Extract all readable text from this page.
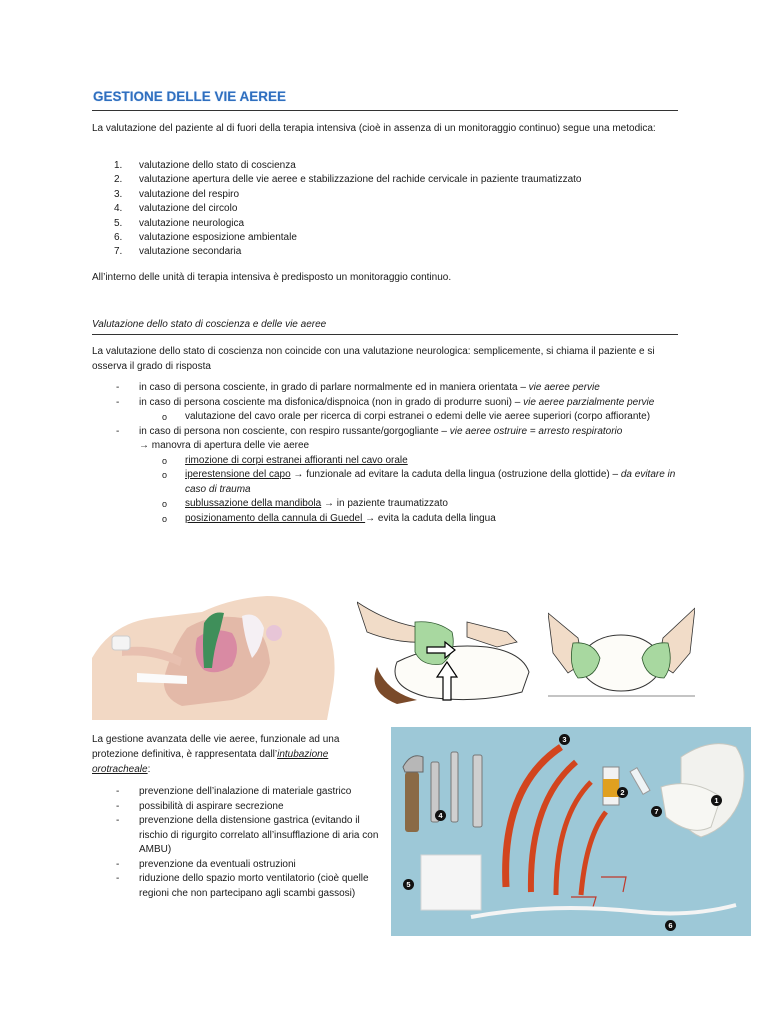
GESTIONE DELLE VIE AEREE
La valutazione del paziente al di fuori della terapia intensiva (cioè in assenza di un monitoraggio continuo) segue una metodica:
1. valutazione dello stato di coscienza
2. valutazione apertura delle vie aeree e stabilizzazione del rachide cervicale in paziente traumatizzato
3. valutazione del respiro
4. valutazione del circolo
5. valutazione neurologica
6. valutazione esposizione ambientale
7. valutazione secondaria
All’interno delle unità di terapia intensiva è predisposto un monitoraggio continuo.
Valutazione dello stato di coscienza e delle vie aeree
La valutazione dello stato di coscienza non coincide con una valutazione neurologica: semplicemente, si chiama il paziente e si osserva il grado di risposta
- in caso di persona cosciente, in grado di parlare normalmente ed in maniera orientata – vie aeree pervie
- in caso di persona cosciente ma disfonica/dispnoica (non in grado di produrre suoni) – vie aeree parzialmente pervie
o valutazione del cavo orale per ricerca di corpi estranei o edemi delle vie aeree superiori (corpo affiorante)
- in caso di persona non cosciente, con respiro russante/gorgogliante – vie aeree ostruire = arresto respiratorio
→ manovra di apertura delle vie aeree
o rimozione di corpi estranei affioranti nel cavo orale
o iperestensione del capo → funzionale ad evitare la caduta della lingua (ostruzione della glottide) – da evitare in caso di trauma
o sublussazione della mandibola → in paziente traumatizzato
o posizionamento della cannula di Guedel → evita la caduta della lingua
La gestione avanzata delle vie aeree, funzionale ad una protezione definitiva, è rappresentata dall’intubazione orotracheale:
- prevenzione dell’inalazione di materiale gastrico
- possibilità di aspirare secrezione
- prevenzione della distensione gastrica (evitando il rischio di rigurgito correlato all’insufflazione di aria con AMBU)
- prevenzione da eventuali ostruzioni
- riduzione dello spazio morto ventilatorio (cioè quelle regioni che non partecipano agli scambi gassosi)
1
2
3
4
5
6
7
